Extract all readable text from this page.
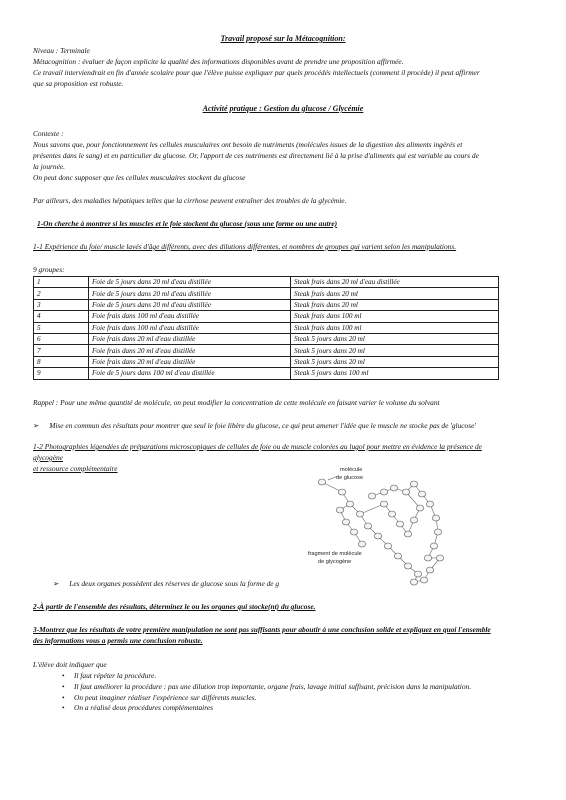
Travail proposé sur la Métacognition:
Niveau : Terminale
Métacognition : évaluer de façon explicite la qualité des informations disponibles avant de prendre une proposition affirmée.
Ce travail interviendrait en fin d'année scolaire pour que l'élève puisse expliquer par quels procédés intellectuels (comment il procède) il peut affirmer
que sa proposition est robuste.
Activité pratique : Gestion du glucose / Glycémie
Contexte :
Nous savons que, pour fonctionnement les cellules musculaires ont besoin de nutriments (molécules issues de la digestion des aliments ingérés et
présentes dans le sang) et en particulier du glucose. Or, l'apport de ces nutriments est directement lié à la prise d'aliments qui est variable au cours de
la journée.
On peut donc supposer que les cellules musculaires stockent du glucose
Par ailleurs, des maladies hépatiques telles que la cirrhose peuvent entraîner des troubles de la glycémie.
1-On cherche à montrer si les muscles et le foie stockent du glucose (sous une forme ou une autre)
1-1 Expérience du foie/ muscle lavés d'âge différents, avec des dilutions différentes, et nombres de groupes qui varient selon les manipulations.
9 groupes:
1	Foie de 5 jours dans 20 ml d'eau distillée	Steak frais dans 20 ml d'eau distillée
2	Foie de 5 jours dans 20 ml d'eau distillée	Steak frais dans 20 ml
3	Foie de 5 jours dans 20 ml d'eau distillée	Steak frais dans 20 ml
4	Foie frais dans 100 ml d'eau distillée	Steak frais dans 100 ml
5	Foie frais dans 100 ml d'eau distillée	Steak frais dans 100 ml
6	Foie frais dans 20 ml d'eau distillée	Steak 5 jours dans 20 ml
7	Foie frais dans 20 ml d'eau distillée	Steak 5 jours dans 20 ml
8	Foie frais dans 20 ml d'eau distillée	Steak 5 jours dans 20 ml
9	Foie de 5 jours dans 100 ml d'eau distillée	Steak 5 jours dans 100 ml
Rappel : Pour une même quantité de molécule, on peut modifier la concentration de cette molécule en faisant varier le volume du solvant
➢ Mise en commun des résultats pour montrer que seul le foie libère du glucose, ce qui peut amener l'idée que le muscle ne stocke pas de 'glucose'
1-2 Photographies légendées de préparations microscopiques de cellules de foie ou de muscle colorées au lugol pour mettre en évidence la présence de
glycogène
et ressource complémentaire	molécule
de glucose
fragment de molécule
de glycogène
➢ Les deux organes possèdent des réserves de glucose sous la forme de g
2-À partir de l'ensemble des résultats, déterminez le ou les organes qui stocke(nt) du glucose.
3-Montrez que les résultats de votre première manipulation ne sont pas suffisants pour aboutir à une conclusion solide et expliquez en quoi l'ensemble
des informations vous a permis une conclusion robuste.
L'élève doit indiquer que
• Il faut répéter la procédure.
• Il faut améliorer la procédure : pas une dilution trop importante, organe frais, lavage initial suffisant, précision dans la manipulation.
• On peut imaginer réaliser l'expérience sur différents muscles.
• On a réalisé deux procédures complémentaires
